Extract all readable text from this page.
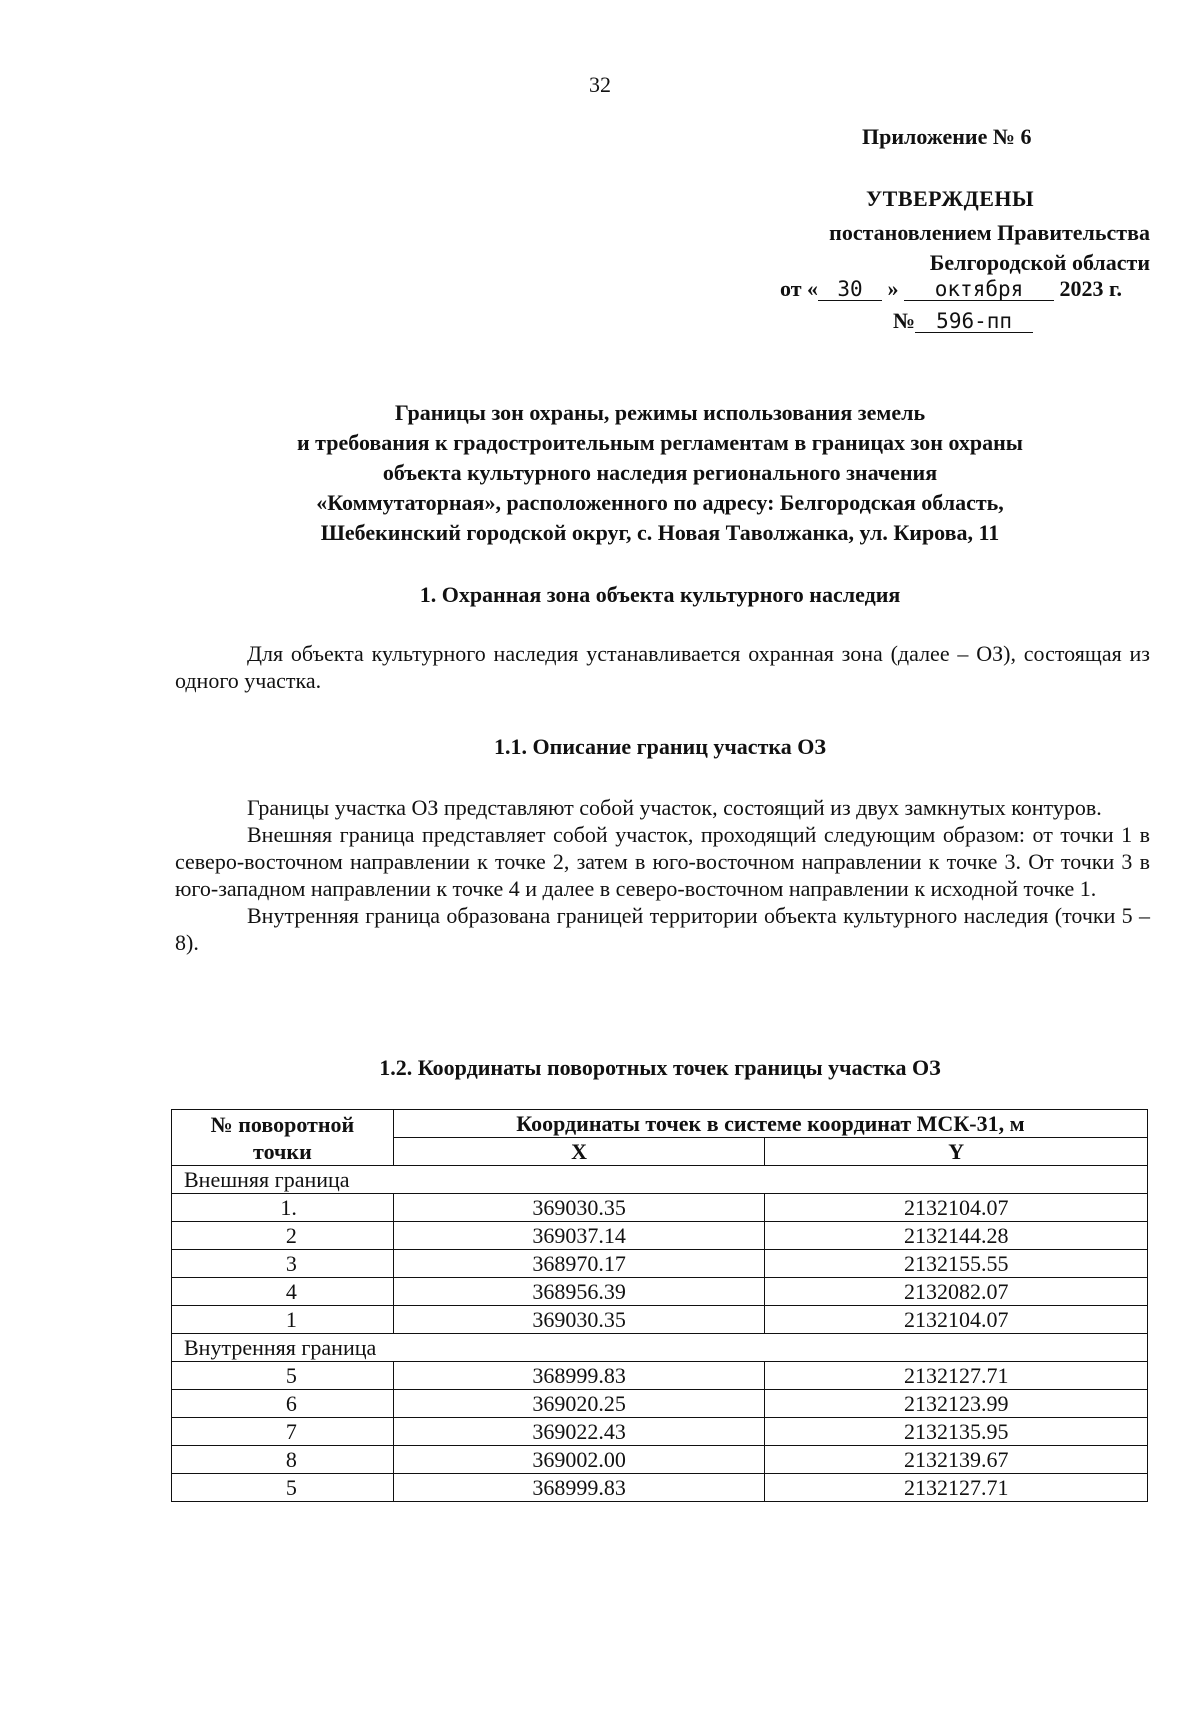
32
Приложение № 6
УТВЕРЖДЕНЫ
постановлением Правительства
Белгородской области
от « 30 » октября 2023 г.
№ 596-пп
Границы зон охраны, режимы использования земель
и требования к градостроительным регламентам в границах зон охраны
объекта культурного наследия регионального значения
«Коммутаторная», расположенного по адресу: Белгородская область,
Шебекинский городской округ, с. Новая Таволжанка, ул. Кирова, 11
1. Охранная зона объекта культурного наследия

Для объекта культурного наследия устанавливается охранная зона (далее – ОЗ), состоящая из одного участка.

1.1. Описание границ участка ОЗ

Границы участка ОЗ представляют собой участок, состоящий из двух замкнутых контуров.

Внешняя граница представляет собой участок, проходящий следующим образом: от точки 1 в северо-восточном направлении к точке 2, затем в юго-восточном направлении к точке 3. От точки 3 в юго-западном направлении к точке 4 и далее в северо-восточном направлении к исходной точке 1.

Внутренняя граница образована границей территории объекта культурного наследия (точки 5 – 8).

1.2. Координаты поворотных точек границы участка ОЗ
№ поворотной
точки	Координаты точек в системе координат МСК-31, м	
	X	Y
Внешняя граница		
1.	369030.35	2132104.07
2	369037.14	2132144.28
3	368970.17	2132155.55
4	368956.39	2132082.07
1	369030.35	2132104.07
Внутренняя граница		
5	368999.83	2132127.71
6	369020.25	2132123.99
7	369022.43	2132135.95
8	369002.00	2132139.67
5	368999.83	2132127.71
